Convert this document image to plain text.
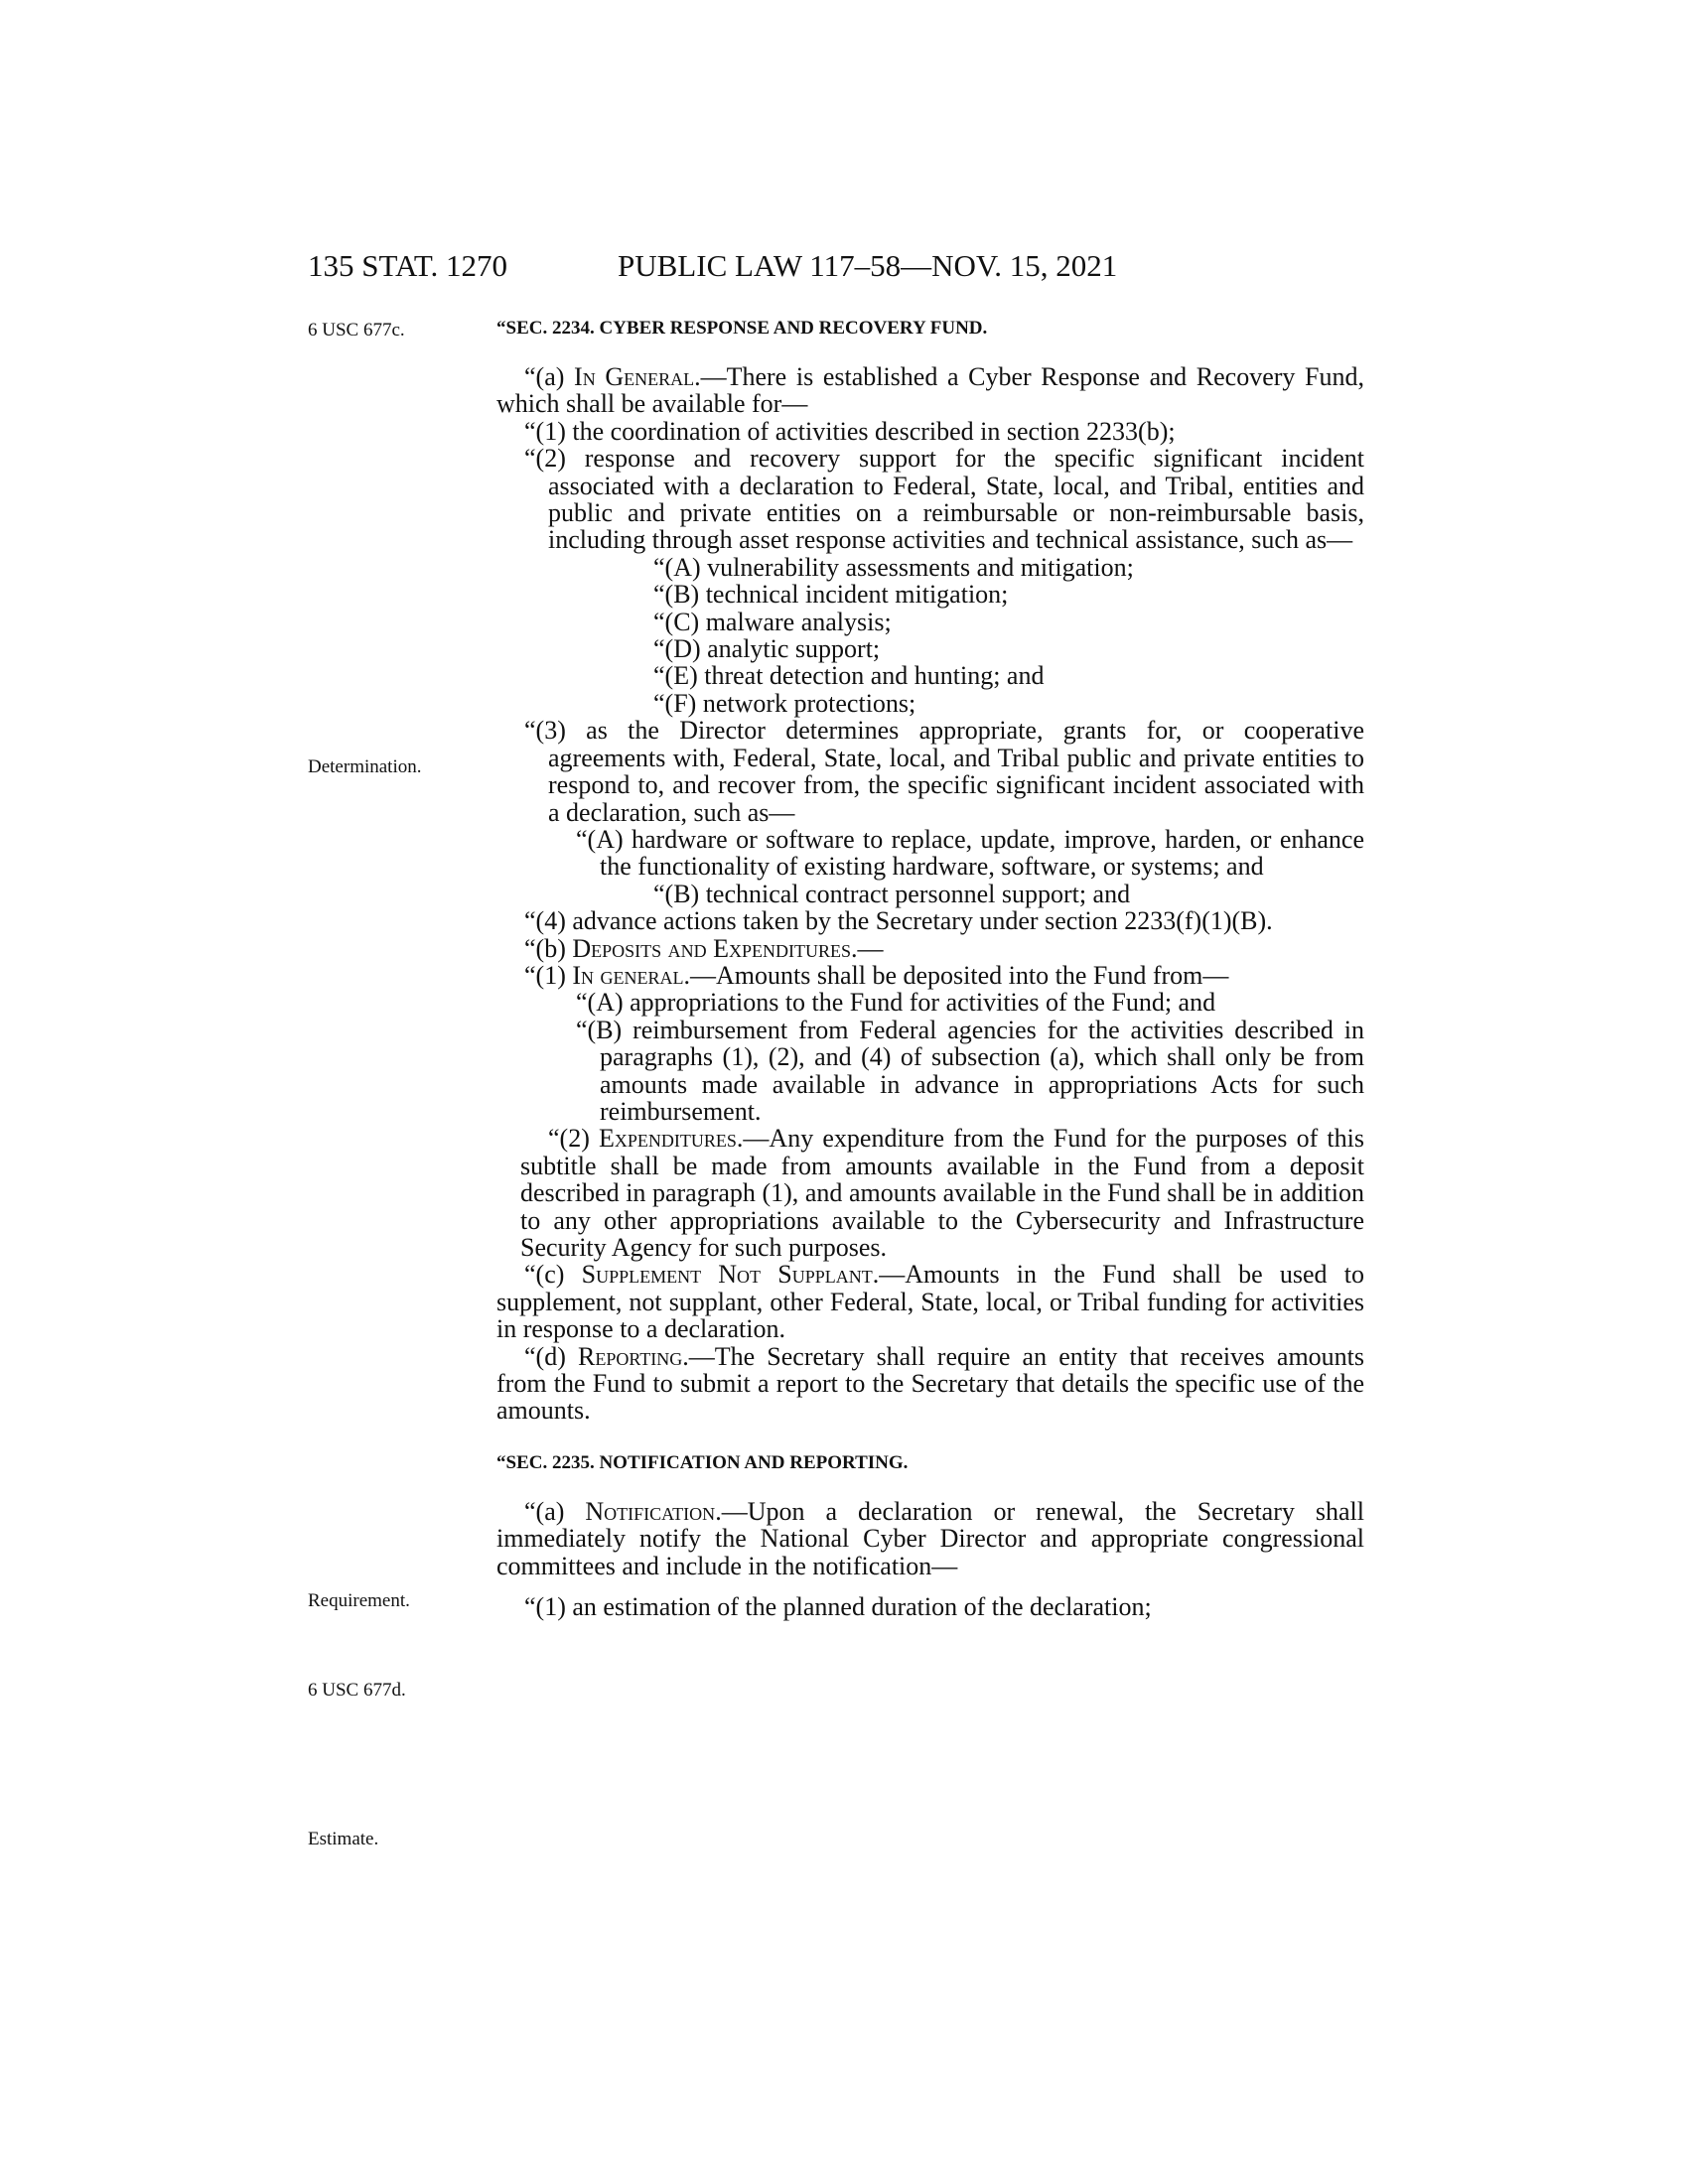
135 STAT. 1270	PUBLIC LAW 117–58—NOV. 15, 2021
6 USC 677c.
Determination.
Requirement.
6 USC 677d.
Estimate.

“SEC. 2234. CYBER RESPONSE AND RECOVERY FUND.

“(a) In General.—There is established a Cyber Response and Recovery Fund, which shall be available for—

“(1) the coordination of activities described in section 2233(b);

“(2) response and recovery support for the specific significant incident associated with a declaration to Federal, State, local, and Tribal, entities and public and private entities on a reimbursable or non-reimbursable basis, including through asset response activities and technical assistance, such as—

“(A) vulnerability assessments and mitigation;

“(B) technical incident mitigation;

“(C) malware analysis;

“(D) analytic support;

“(E) threat detection and hunting; and

“(F) network protections;

“(3) as the Director determines appropriate, grants for, or cooperative agreements with, Federal, State, local, and Tribal public and private entities to respond to, and recover from, the specific significant incident associated with a declaration, such as—

“(A) hardware or software to replace, update, improve, harden, or enhance the functionality of existing hardware, software, or systems; and

“(B) technical contract personnel support; and

“(4) advance actions taken by the Secretary under section 2233(f)(1)(B).

“(b) Deposits and Expenditures.—

“(1) In general.—Amounts shall be deposited into the Fund from—

“(A) appropriations to the Fund for activities of the Fund; and

“(B) reimbursement from Federal agencies for the activities described in paragraphs (1), (2), and (4) of subsection (a), which shall only be from amounts made available in advance in appropriations Acts for such reimbursement.

“(2) Expenditures.—Any expenditure from the Fund for the purposes of this subtitle shall be made from amounts available in the Fund from a deposit described in paragraph (1), and amounts available in the Fund shall be in addition to any other appropriations available to the Cybersecurity and Infrastructure Security Agency for such purposes.

“(c) Supplement Not Supplant.—Amounts in the Fund shall be used to supplement, not supplant, other Federal, State, local, or Tribal funding for activities in response to a declaration.

“(d) Reporting.—The Secretary shall require an entity that receives amounts from the Fund to submit a report to the Secretary that details the specific use of the amounts.

“SEC. 2235. NOTIFICATION AND REPORTING.

“(a) Notification.—Upon a declaration or renewal, the Secretary shall immediately notify the National Cyber Director and appropriate congressional committees and include in the notification—

“(1) an estimation of the planned duration of the declaration;
